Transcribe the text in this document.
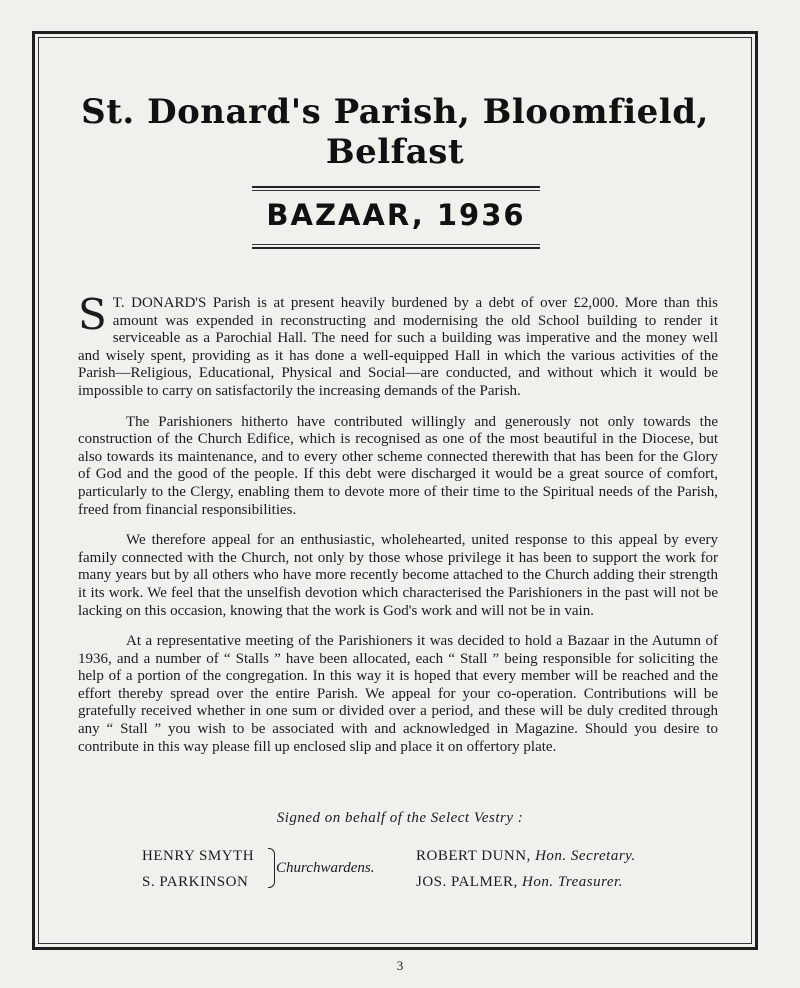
St. Donard's Parish, Bloomfield, Belfast
BAZAAR, 1936

S T. DONARD'S Parish is at present heavily burdened by a debt of over £2,000. More than this amount was expended in reconstructing and modernising the old School building to render it serviceable as a Parochial Hall. The need for such a building was imperative and the money well and wisely spent, providing as it has done a well-equipped Hall in which the various activities of the Parish—Religious, Educational, Physical and Social—are conducted, and without which it would be impossible to carry on satisfactorily the increasing demands of the Parish.

The Parishioners hitherto have contributed willingly and generously not only towards the construction of the Church Edifice, which is recognised as one of the most beautiful in the Diocese, but also towards its maintenance, and to every other scheme connected therewith that has been for the Glory of God and the good of the people. If this debt were discharged it would be a great source of comfort, particularly to the Clergy, enabling them to devote more of their time to the Spiritual needs of the Parish, freed from financial responsibilities.

We therefore appeal for an enthusiastic, wholehearted, united response to this appeal by every family connected with the Church, not only by those whose privilege it has been to support the work for many years but by all others who have more recently become attached to the Church adding their strength it its work. We feel that the unselfish devotion which characterised the Parishioners in the past will not be lacking on this occasion, knowing that the work is God's work and will not be in vain.

At a representative meeting of the Parishioners it was decided to hold a Bazaar in the Autumn of 1936, and a number of “ Stalls ” have been allocated, each “ Stall ” being responsible for soliciting the help of a portion of the congregation. In this way it is hoped that every member will be reached and the effort thereby spread over the entire Parish. We appeal for your co-operation. Contributions will be gratefully received whether in one sum or divided over a period, and these will be duly credited through any “ Stall ” you wish to be associated with and acknowledged in Magazine. Should you desire to contribute in this way please fill up enclosed slip and place it on offertory plate.

Signed on behalf of the Select Vestry :
HENRY SMYTH
S. PARKINSON
Churchwardens.
ROBERT DUNN, Hon. Secretary.
JOS. PALMER, Hon. Treasurer.
3
